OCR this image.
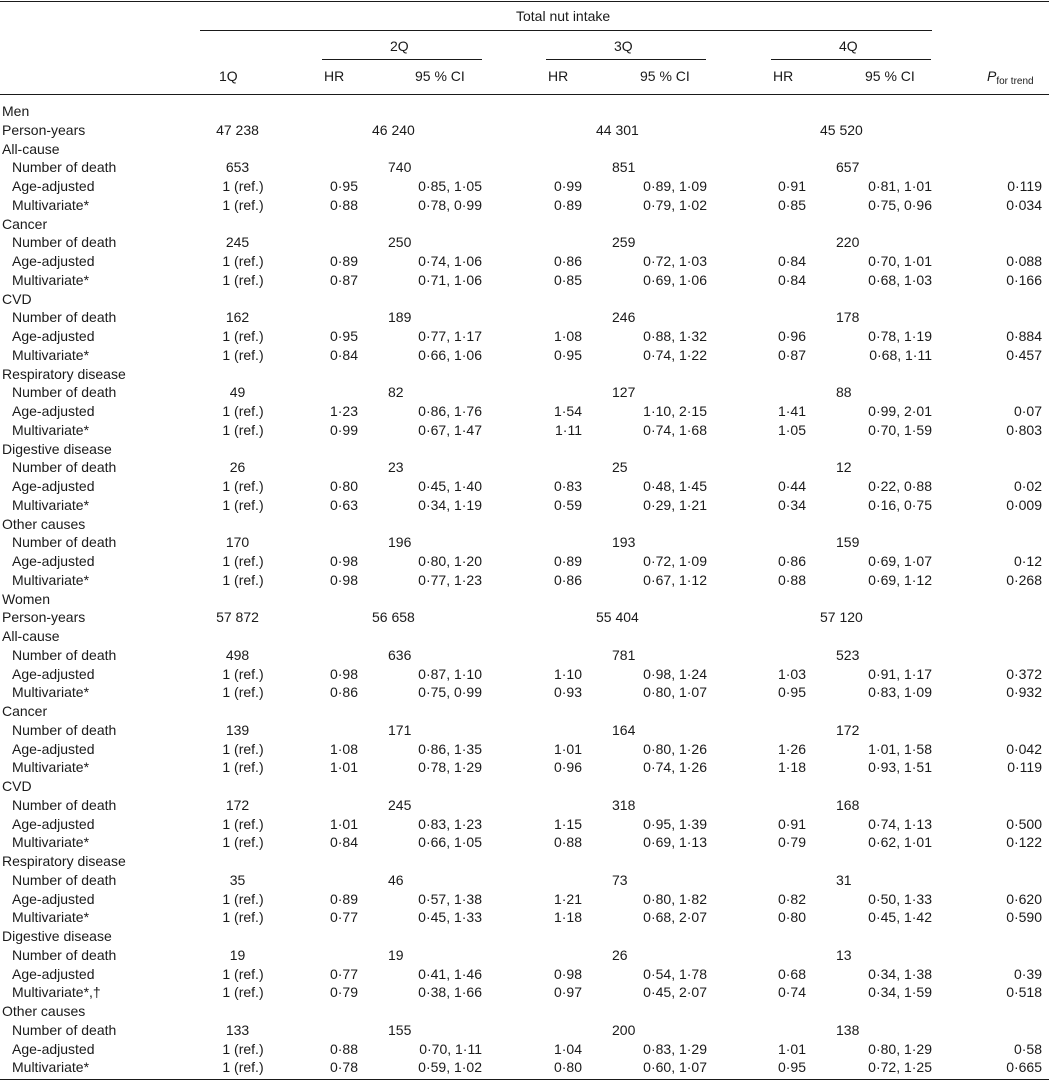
Total nut intake
2Q	3Q	4Q
1Q	HR	95 % CI	HR	95 % CI	HR	95 % CI	$P_{for trend}$
Men
Person-years	47 238	46 240	44 301	45 520
All-cause
Number of death	653	740	851	657
Age-adjusted	1 (ref.)	0·95	0·85, 1·05	0·99	0·89, 1·09	0·91	0·81, 1·01	0·119
Multivariate*	1 (ref.)	0·88	0·78, 0·99	0·89	0·79, 1·02	0·85	0·75, 0·96	0·034
Cancer
Number of death	245	250	259	220
Age-adjusted	1 (ref.)	0·89	0·74, 1·06	0·86	0·72, 1·03	0·84	0·70, 1·01	0·088
Multivariate*	1 (ref.)	0·87	0·71, 1·06	0·85	0·69, 1·06	0·84	0·68, 1·03	0·166
CVD
Number of death	162	189	246	178
Age-adjusted	1 (ref.)	0·95	0·77, 1·17	1·08	0·88, 1·32	0·96	0·78, 1·19	0·884
Multivariate*	1 (ref.)	0·84	0·66, 1·06	0·95	0·74, 1·22	0·87	0·68, 1·11	0·457
Respiratory disease
Number of death	49	82	127	88
Age-adjusted	1 (ref.)	1·23	0·86, 1·76	1·54	1·10, 2·15	1·41	0·99, 2·01	0·07
Multivariate*	1 (ref.)	0·99	0·67, 1·47	1·11	0·74, 1·68	1·05	0·70, 1·59	0·803
Digestive disease
Number of death	26	23	25	12
Age-adjusted	1 (ref.)	0·80	0·45, 1·40	0·83	0·48, 1·45	0·44	0·22, 0·88	0·02
Multivariate*	1 (ref.)	0·63	0·34, 1·19	0·59	0·29, 1·21	0·34	0·16, 0·75	0·009
Other causes
Number of death	170	196	193	159
Age-adjusted	1 (ref.)	0·98	0·80, 1·20	0·89	0·72, 1·09	0·86	0·69, 1·07	0·12
Multivariate*	1 (ref.)	0·98	0·77, 1·23	0·86	0·67, 1·12	0·88	0·69, 1·12	0·268
Women
Person-years	57 872	56 658	55 404	57 120
All-cause
Number of death	498	636	781	523
Age-adjusted	1 (ref.)	0·98	0·87, 1·10	1·10	0·98, 1·24	1·03	0·91, 1·17	0·372
Multivariate*	1 (ref.)	0·86	0·75, 0·99	0·93	0·80, 1·07	0·95	0·83, 1·09	0·932
Cancer
Number of death	139	171	164	172
Age-adjusted	1 (ref.)	1·08	0·86, 1·35	1·01	0·80, 1·26	1·26	1·01, 1·58	0·042
Multivariate*	1 (ref.)	1·01	0·78, 1·29	0·96	0·74, 1·26	1·18	0·93, 1·51	0·119
CVD
Number of death	172	245	318	168
Age-adjusted	1 (ref.)	1·01	0·83, 1·23	1·15	0·95, 1·39	0·91	0·74, 1·13	0·500
Multivariate*	1 (ref.)	0·84	0·66, 1·05	0·88	0·69, 1·13	0·79	0·62, 1·01	0·122
Respiratory disease
Number of death	35	46	73	31
Age-adjusted	1 (ref.)	0·89	0·57, 1·38	1·21	0·80, 1·82	0·82	0·50, 1·33	0·620
Multivariate*	1 (ref.)	0·77	0·45, 1·33	1·18	0·68, 2·07	0·80	0·45, 1·42	0·590
Digestive disease
Number of death	19	19	26	13
Age-adjusted	1 (ref.)	0·77	0·41, 1·46	0·98	0·54, 1·78	0·68	0·34, 1·38	0·39
Multivariate*,†	1 (ref.)	0·79	0·38, 1·66	0·97	0·45, 2·07	0·74	0·34, 1·59	0·518
Other causes
Number of death	133	155	200	138
Age-adjusted	1 (ref.)	0·88	0·70, 1·11	1·04	0·83, 1·29	1·01	0·80, 1·29	0·58
Multivariate*	1 (ref.)	0·78	0·59, 1·02	0·80	0·60, 1·07	0·95	0·72, 1·25	0·665
